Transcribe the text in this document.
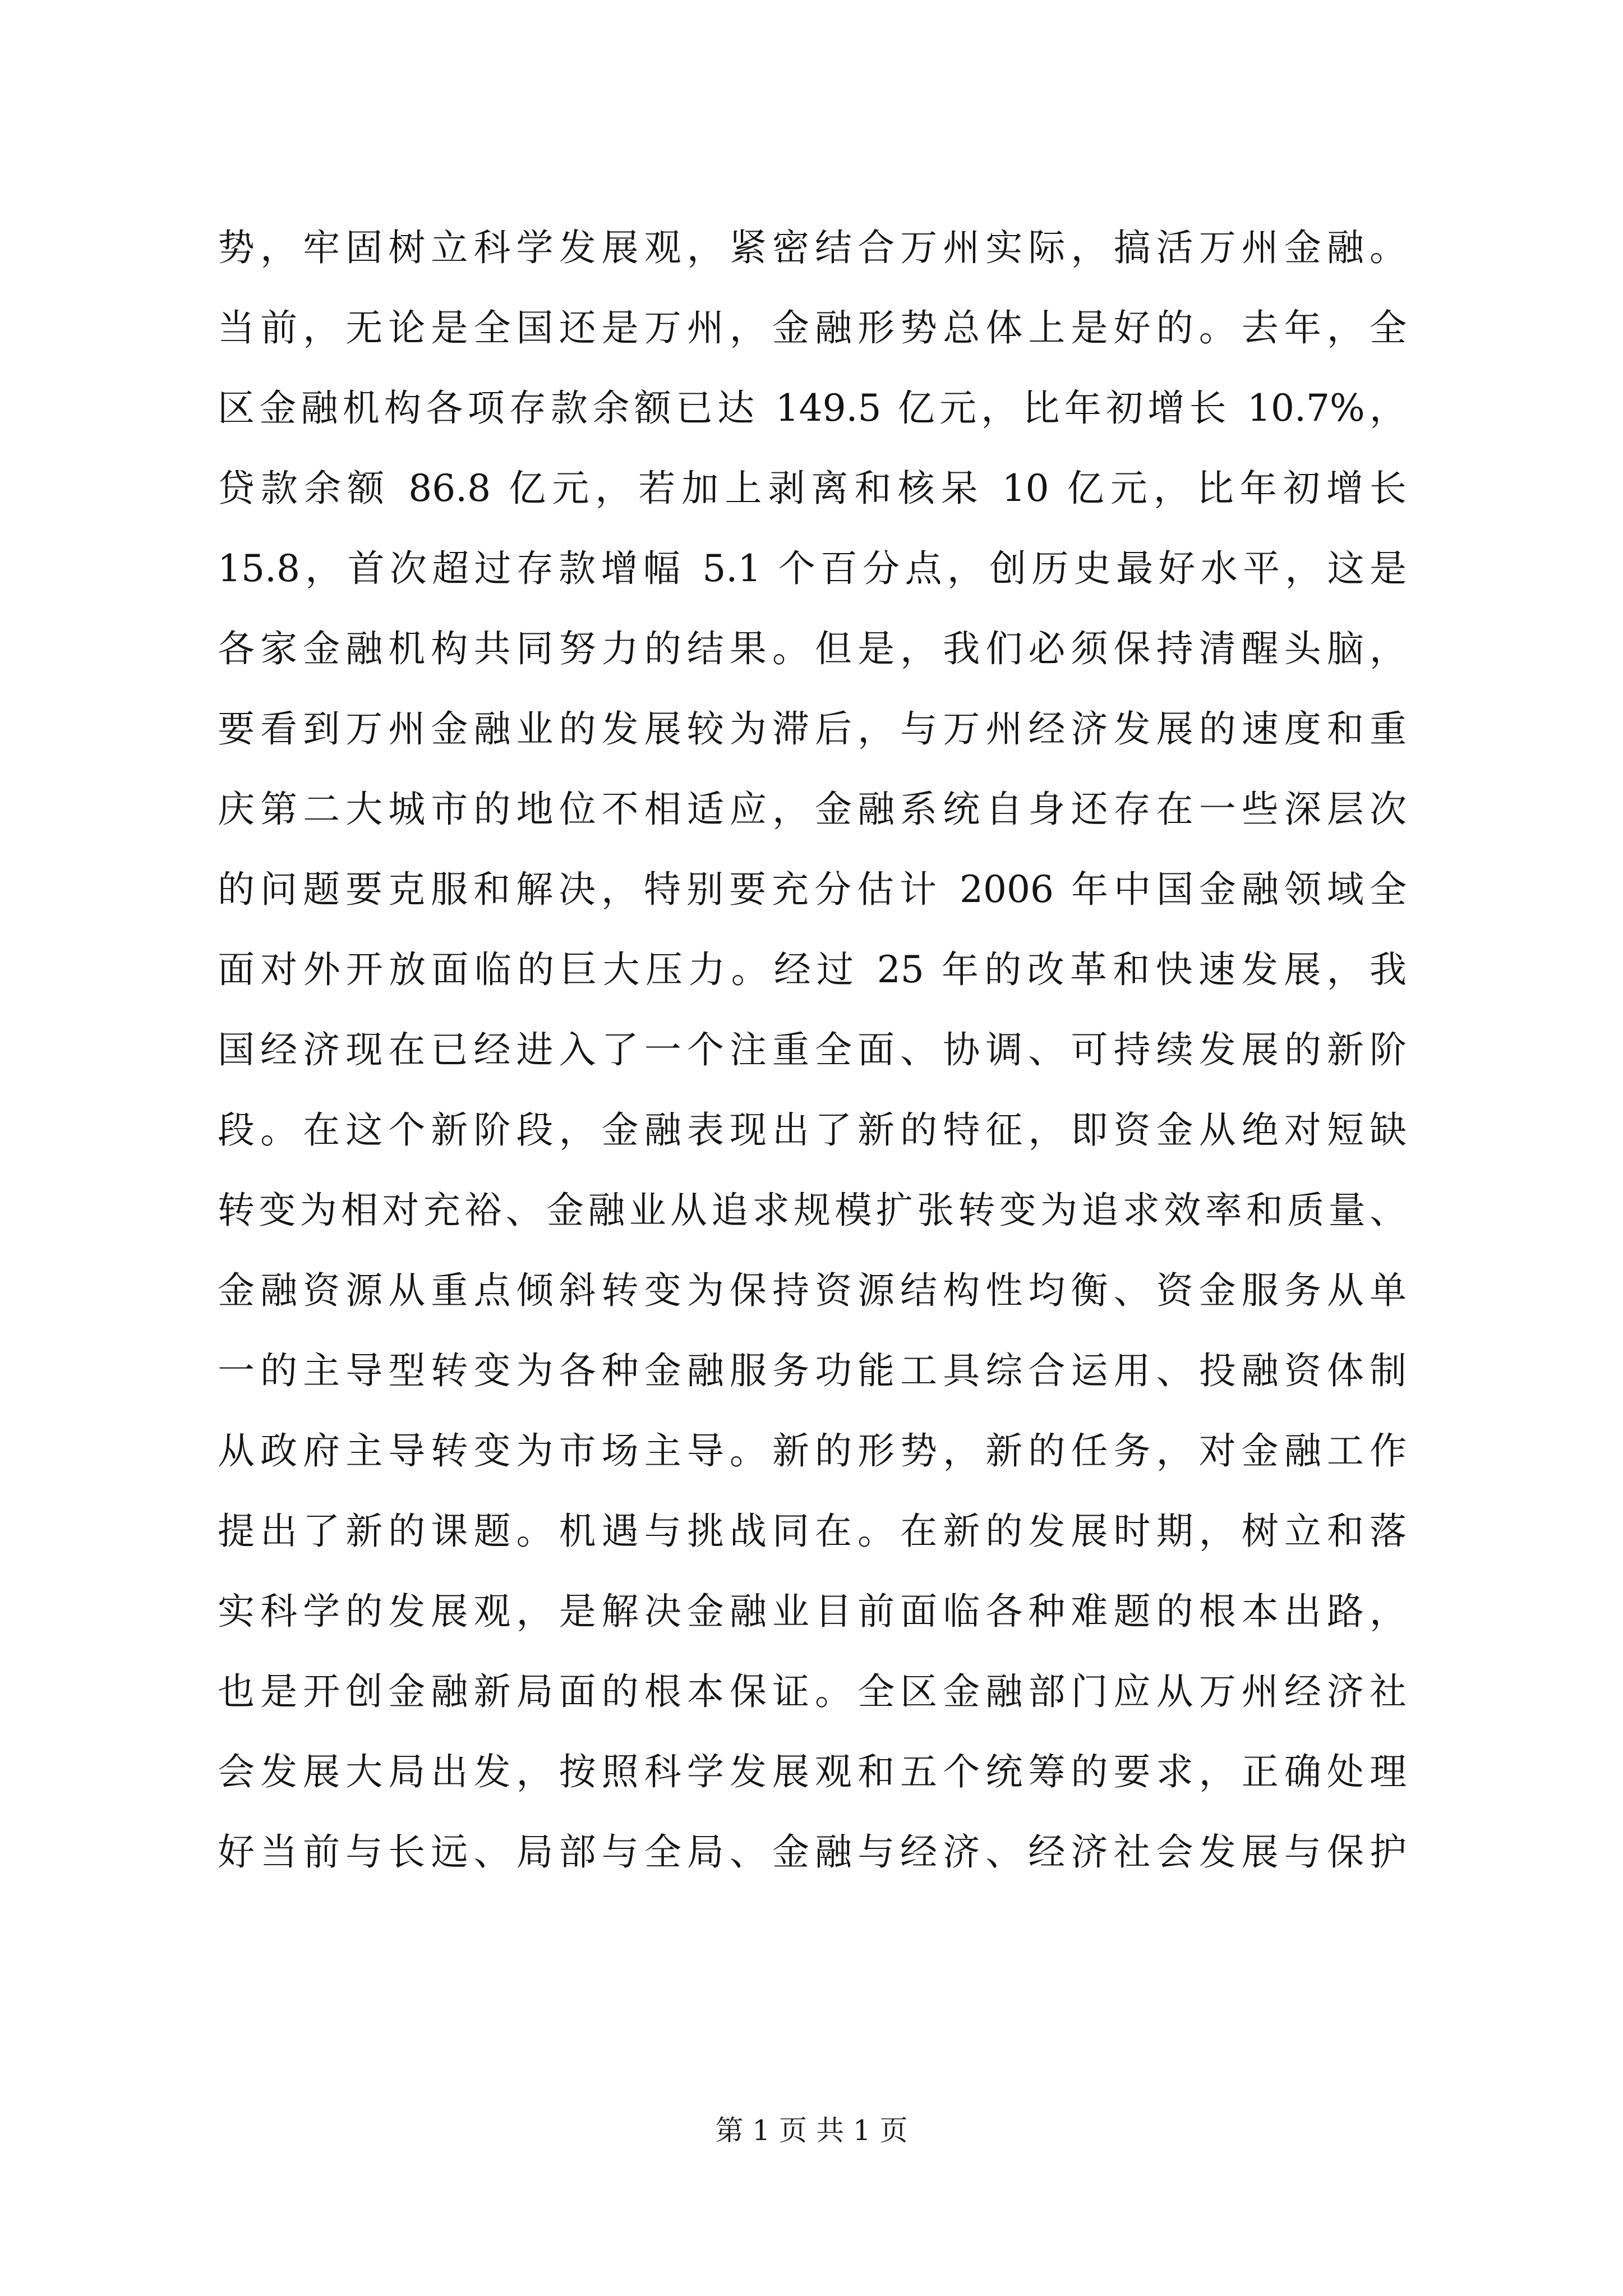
势，牢固树立科学发展观，紧密结合万州实际，搞活万州金融。
当前，无论是全国还是万州，金融形势总体上是好的。去年，全
区金融机构各项存款余额已达 149.5 亿元，比年初增长 10.7%，
贷款余额 86.8 亿元，若加上剥离和核呆 10 亿元，比年初增长
15.8，首次超过存款增幅 5.1 个百分点，创历史最好水平，这是
各家金融机构共同努力的结果。但是，我们必须保持清醒头脑，
要看到万州金融业的发展较为滞后，与万州经济发展的速度和重
庆第二大城市的地位不相适应，金融系统自身还存在一些深层次
的问题要克服和解决，特别要充分估计 2006 年中国金融领域全
面对外开放面临的巨大压力。经过 25 年的改革和快速发展，我
国经济现在已经进入了一个注重全面、协调、可持续发展的新阶
段。在这个新阶段，金融表现出了新的特征，即资金从绝对短缺
转变为相对充裕、金融业从追求规模扩张转变为追求效率和质量、
金融资源从重点倾斜转变为保持资源结构性均衡、资金服务从单
一的主导型转变为各种金融服务功能工具综合运用、投融资体制
从政府主导转变为市场主导。新的形势，新的任务，对金融工作
提出了新的课题。机遇与挑战同在。在新的发展时期，树立和落
实科学的发展观，是解决金融业目前面临各种难题的根本出路，
也是开创金融新局面的根本保证。全区金融部门应从万州经济社
会发展大局出发，按照科学发展观和五个统筹的要求，正确处理
好当前与长远、局部与全局、金融与经济、经济社会发展与保护
第 1 页 共 1 页
